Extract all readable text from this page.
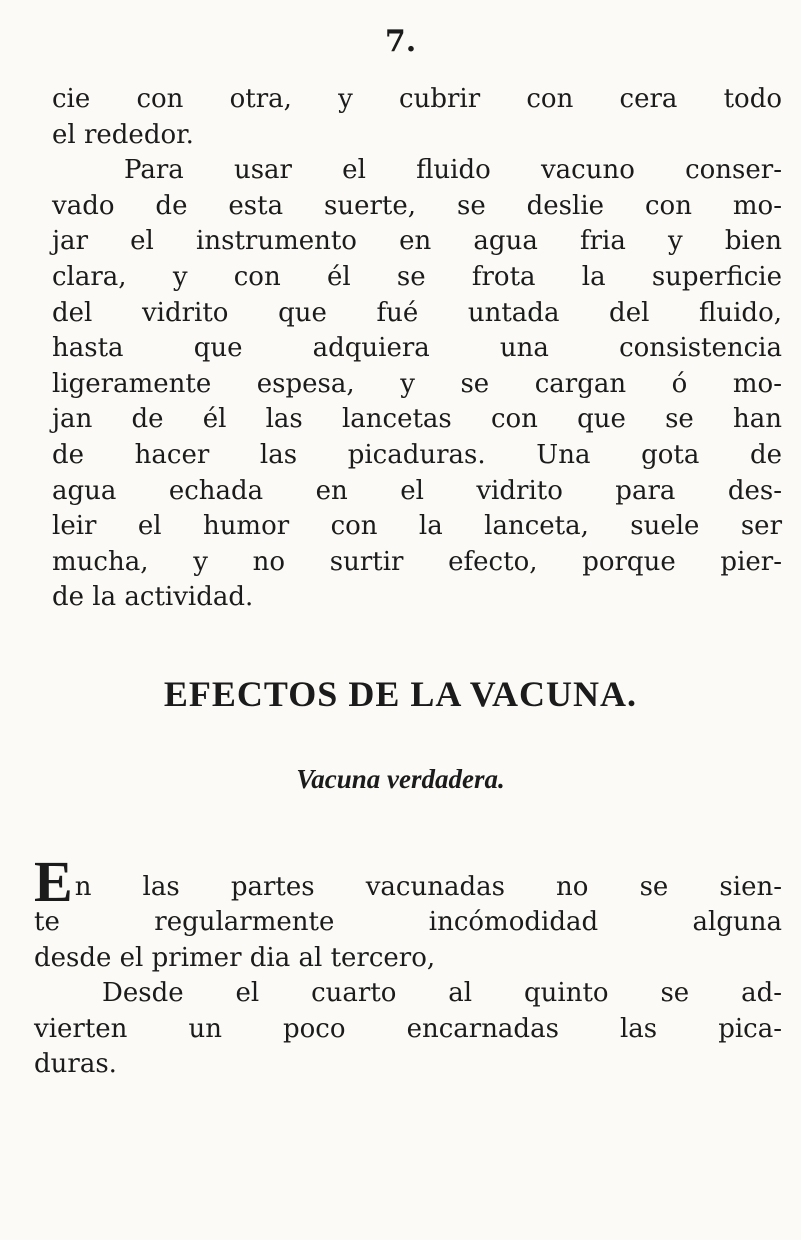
7.
cie con otra, y cubrir con cera todo
el rededor.
Para usar el fluido vacuno conser-
vado de esta suerte, se deslie con mo-
jar el instrumento en agua fria y bien
clara, y con él se frota la superficie
del vidrito que fué untada del fluido,
hasta que adquiera una consistencia
ligeramente espesa, y se cargan ó mo-
jan de él las lancetas con que se han
de hacer las picaduras. Una gota de
agua echada en el vidrito para des-
leir el humor con la lanceta, suele ser
mucha, y no surtir efecto, porque pier-
de la actividad.
EFECTOS DE LA VACUNA.
Vacuna verdadera.
En las partes vacunadas no se sien-
te regularmente incómodidad alguna
desde el primer dia al tercero,
Desde el cuarto al quinto se ad-
vierten un poco encarnadas las pica-
duras.
